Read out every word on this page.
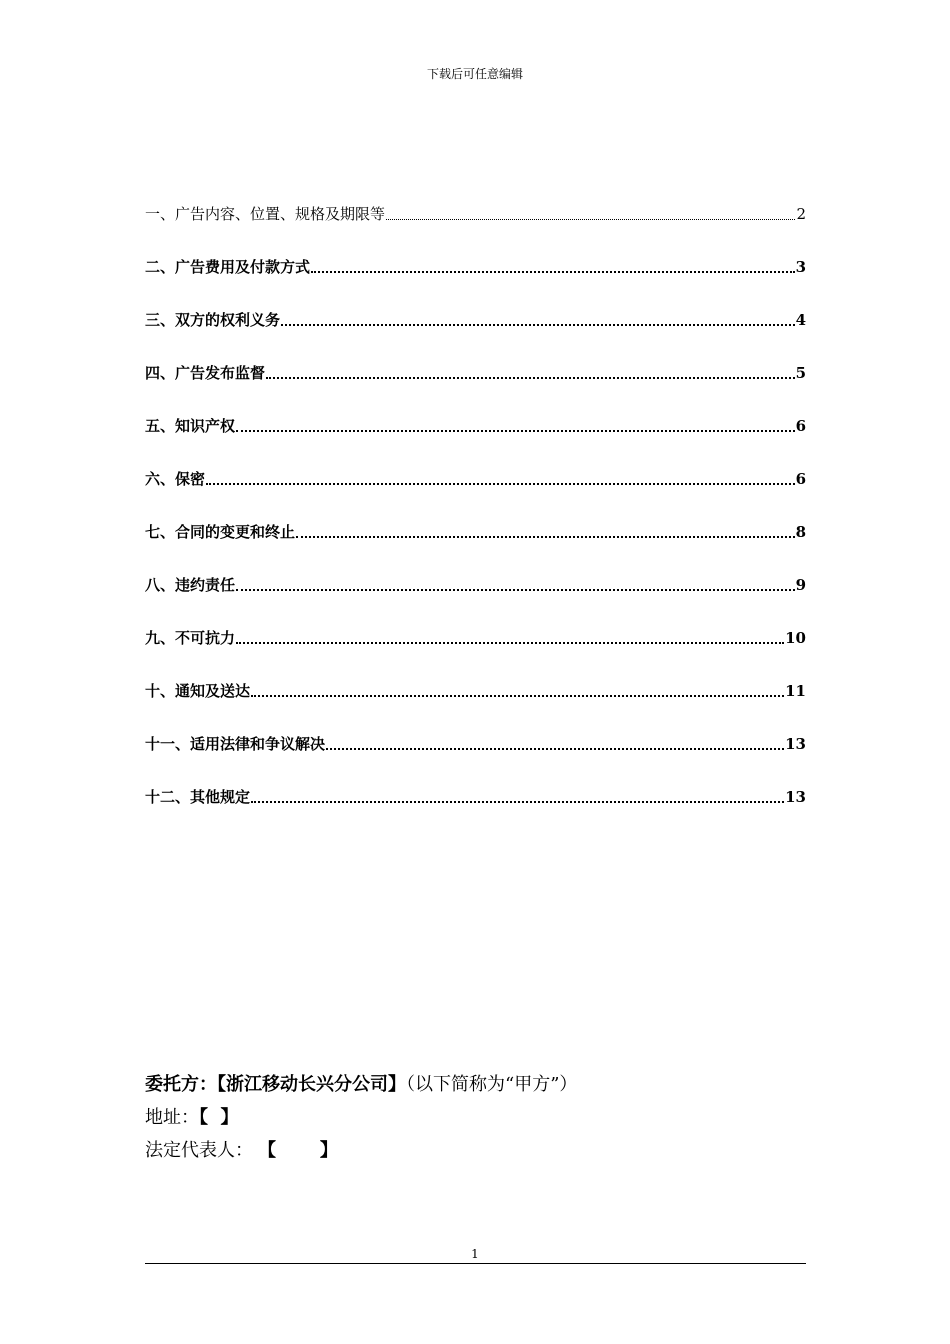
下载后可任意编辑
一、广告内容、位置、规格及期限等	2
二、广告费用及付款方式	3
三、双方的权利义务	4
四、广告发布监督	5
五、知识产权	6
六、保密	6
七、合同的变更和终止	8
八、违约责任	9
九、不可抗力	10
十、通知及送达	11
十一、适用法律和争议解决	13
十二、其他规定	13
委托方：【浙江移动长兴分公司】（以下简称为“甲方”）
地址：【  】
法定代表人： 【       】
1
